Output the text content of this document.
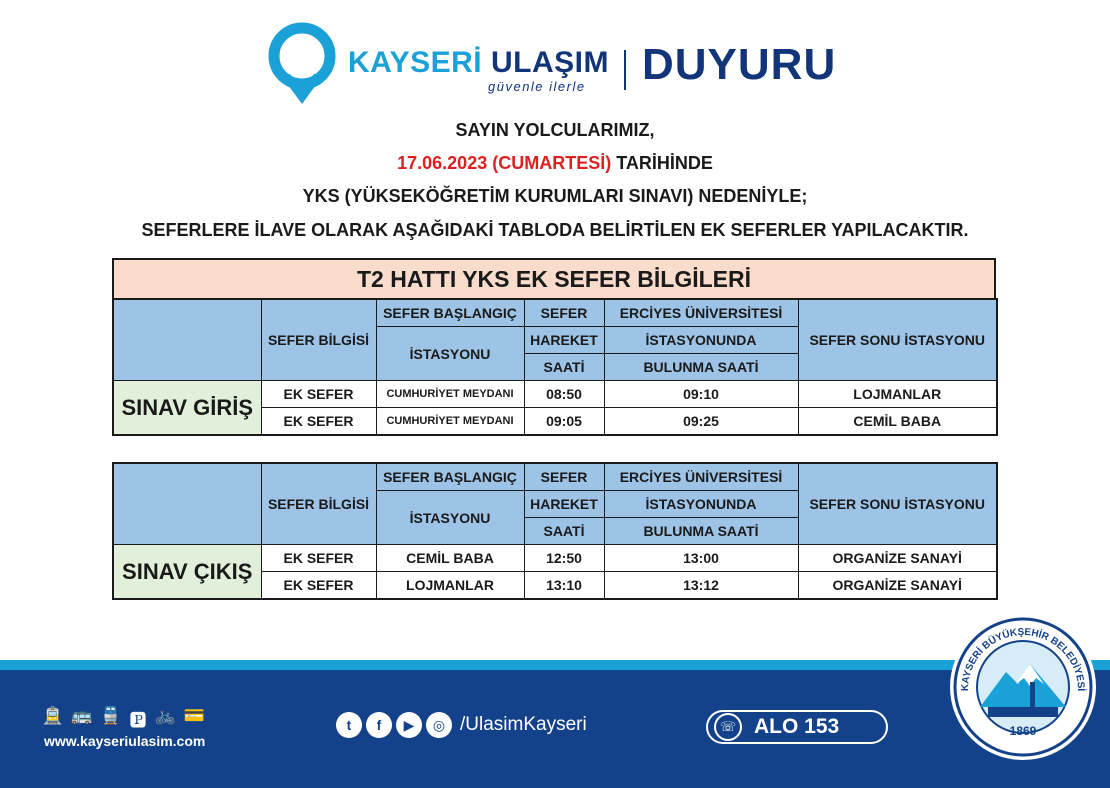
KAYSERİ ULAŞIM
güvenle ilerle DUYURU
SAYIN YOLCULARIMIZ,
17.06.2023 (CUMARTESİ) TARİHİNDE
YKS (YÜKSEKÖĞRETİM KURUMLARI SINAVI) NEDENİYLE;
SEFERLERE İLAVE OLARAK AŞAĞIDAKİ TABLODA BELİRTİLEN EK SEFERLER YAPILACAKTIR.
T2 HATTI YKS EK SEFER BİLGİLERİ
	SEFER BİLGİSİ	SEFER BAŞLANGIÇ	SEFER	ERCİYES ÜNİVERSİTESİ	SEFER SONU İSTASYONU
		İSTASYONU	HAREKET	İSTASYONUNDA	
			SAATİ	BULUNMA SAATİ	
SINAV GİRİŞ	EK SEFER	CUMHURİYET MEYDANI	08:50	09:10	LOJMANLAR
	EK SEFER	CUMHURİYET MEYDANI	09:05	09:25	CEMİL BABA
	SEFER BİLGİSİ	SEFER BAŞLANGIÇ	SEFER	ERCİYES ÜNİVERSİTESİ	SEFER SONU İSTASYONU
		İSTASYONU	HAREKET	İSTASYONUNDA	
			SAATİ	BULUNMA SAATİ	
SINAV ÇIKIŞ	EK SEFER	CEMİL BABA	12:50	13:00	ORGANİZE SANAYİ
	EK SEFER	LOJMANLAR	13:10	13:12	ORGANİZE SANAYİ
🚊 🚌 🚆 🅿 🚲 💳
www.kayseriulasim.com
t	f	▶	◎ /UlasimKayseri	☏ ALO 153	1869
KAYSERİ BÜYÜKŞEHİR BELEDİYESİ
